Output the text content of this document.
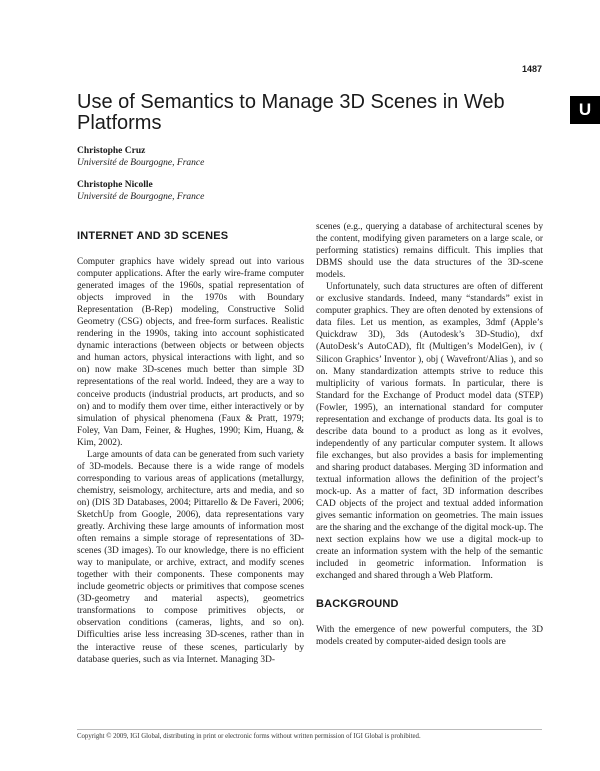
1487
U
Use of Semantics to Manage 3D Scenes in Web Platforms
Christophe Cruz
Université de Bourgogne, France
Christophe Nicolle
Université de Bourgogne, France
INTERNET AND 3D SCENES

Computer graphics have widely spread out into various computer applications. After the early wire-frame computer generated images of the 1960s, spatial representation of objects improved in the 1970s with Boundary Representation (B-Rep) modeling, Constructive Solid Geometry (CSG) objects, and free-form surfaces. Realistic rendering in the 1990s, taking into account sophisticated dynamic interactions (between objects or between objects and human actors, physical interactions with light, and so on) now make 3D-scenes much better than simple 3D representations of the real world. Indeed, they are a way to conceive products (industrial products, art products, and so on) and to modify them over time, either interactively or by simulation of physical phenomena (Faux & Pratt, 1979; Foley, Van Dam, Feiner, & Hughes, 1990; Kim, Huang, & Kim, 2002).

Large amounts of data can be generated from such variety of 3D-models. Because there is a wide range of models corresponding to various areas of applications (metallurgy, chemistry, seismology, architecture, arts and media, and so on) (DIS 3D Databases, 2004; Pittarello & De Faveri, 2006; SketchUp from Google, 2006), data representations vary greatly. Archiving these large amounts of information most often remains a simple storage of representations of 3D-scenes (3D images). To our knowledge, there is no efficient way to manipulate, or archive, extract, and modify scenes together with their components. These components may include geometric objects or primitives that compose scenes (3D-geometry and material aspects), geometrics transformations to compose primitives objects, or observation conditions (cameras, lights, and so on). Difficulties arise less increasing 3D-scenes, rather than in the interactive reuse of these scenes, particularly by database queries, such as via Internet. Managing 3D-

scenes (e.g., querying a database of architectural scenes by the content, modifying given parameters on a large scale, or performing statistics) remains difficult. This implies that DBMS should use the data structures of the 3D-scene models.

Unfortunately, such data structures are often of different or exclusive standards. Indeed, many “standards” exist in computer graphics. They are often denoted by extensions of data files. Let us mention, as examples, 3dmf (Apple’s Quickdraw 3D), 3ds (Autodesk’s 3D-Studio), dxf (AutoDesk’s AutoCAD), flt (Multigen’s ModelGen), iv ( Silicon Graphics’ Inventor ), obj ( Wavefront/Alias ), and so on. Many standardization attempts strive to reduce this multiplicity of various formats. In particular, there is Standard for the Exchange of Product model data (STEP) (Fowler, 1995), an international standard for computer representation and exchange of products data. Its goal is to describe data bound to a product as long as it evolves, independently of any particular computer system. It allows file exchanges, but also provides a basis for implementing and sharing product databases. Merging 3D information and textual information allows the definition of the project’s mock-up. As a matter of fact, 3D information describes CAD objects of the project and textual added information gives semantic information on geometries. The main issues are the sharing and the exchange of the digital mock-up. The next section explains how we use a digital mock-up to create an information system with the help of the semantic included in geometric information. Information is exchanged and shared through a Web Platform.

BACKGROUND

With the emergence of new powerful computers, the 3D models created by computer-aided design tools are

Copyright © 2009, IGI Global, distributing in print or electronic forms without written permission of IGI Global is prohibited.
